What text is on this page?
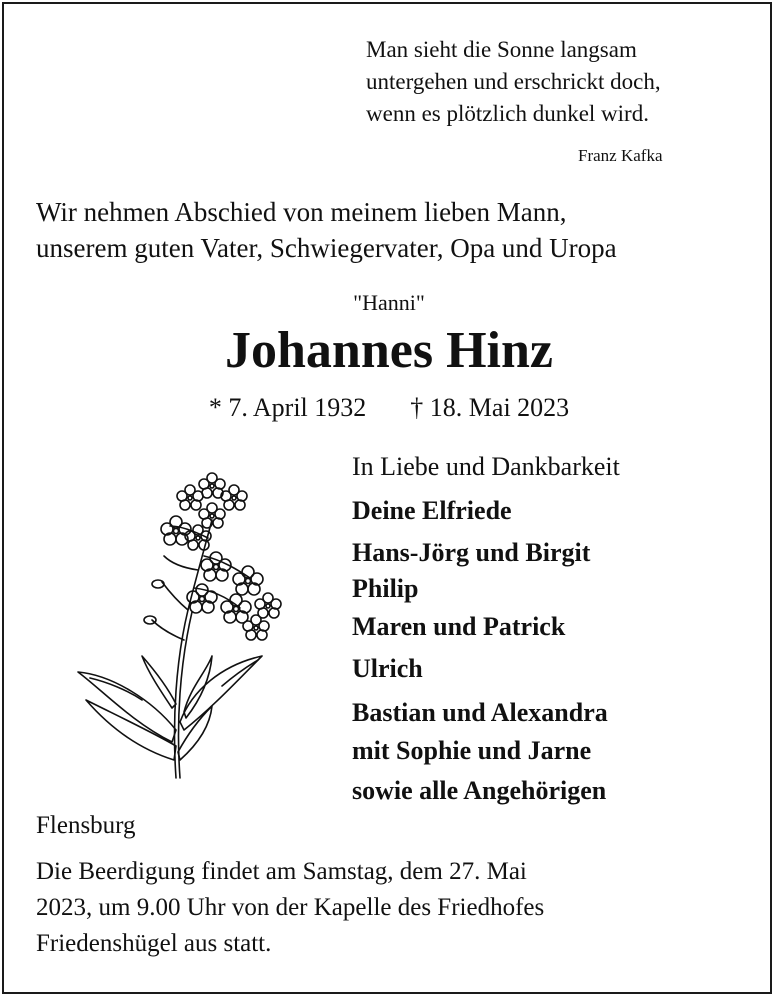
Man sieht die Sonne langsam
untergehen und erschrickt doch,
wenn es plötzlich dunkel wird.
Franz Kafka
Wir nehmen Abschied von meinem lieben Mann,
unserem guten Vater, Schwiegervater, Opa und Uropa
"Hanni"
Johannes Hinz
* 7. April 1932 † 18. Mai 2023
In Liebe und Dankbarkeit
Deine Elfriede
Hans-Jörg und Birgit
Philip
Maren und Patrick
Ulrich
Bastian und Alexandra
mit Sophie und Jarne
sowie alle Angehörigen
Flensburg
Die Beerdigung findet am Samstag, dem 27. Mai
2023, um 9.00 Uhr von der Kapelle des Friedhofes
Friedenshügel aus statt.
